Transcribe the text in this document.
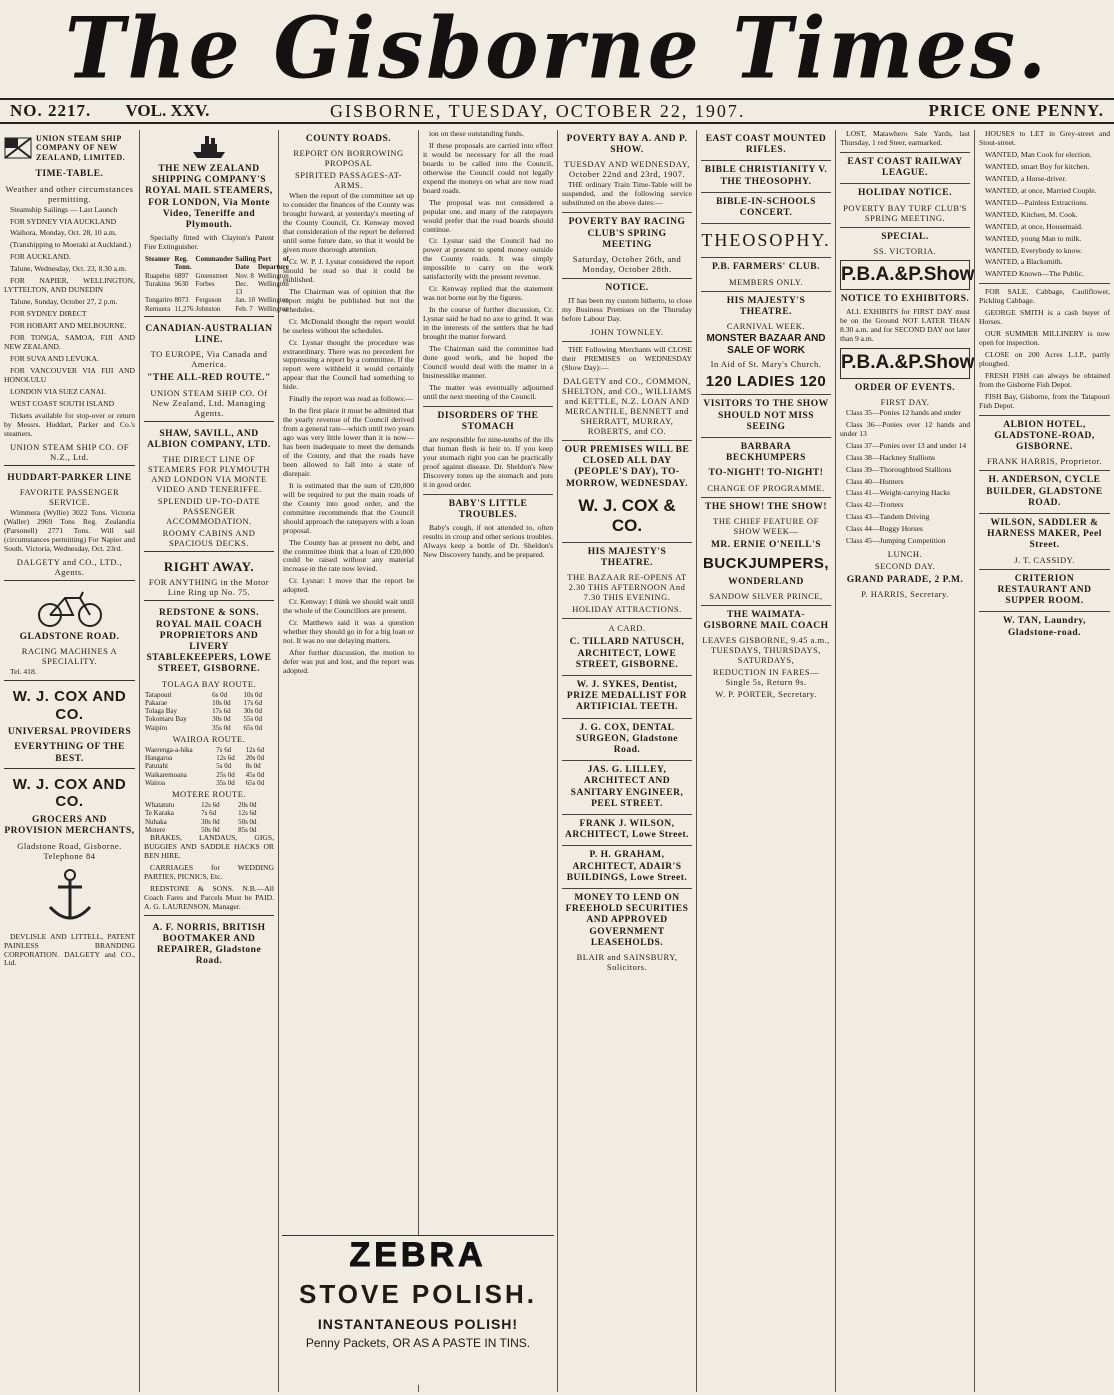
The Gisborne Times.
NO. 2217. VOL. XXV.	GISBORNE, TUESDAY, OCTOBER 22, 1907.	PRICE ONE PENNY.
UNION STEAM SHIP COMPANY OF NEW ZEALAND, LIMITED.
TIME-TABLE.
Weather and other circumstances permitting.

Steamship Sailings — Last Launch

FOR SYDNEY VIA AUCKLAND

Waihora, Monday, Oct. 28, 10 a.m.

(Transhipping to Moeraki at Auckland.)

FOR AUCKLAND.

Talune, Wednesday, Oct. 23, 8.30 a.m.

FOR NAPIER, WELLINGTON, LYTTELTON, AND DUNEDIN

Talune, Sunday, October 27, 2 p.m.

FOR SYDNEY DIRECT

FOR HOBART AND MELBOURNE.

FOR TONGA, SAMOA, FIJI AND NEW ZEALAND.

FOR SUVA AND LEVUKA.

FOR VANCOUVER VIA FIJI AND HONOLULU

LONDON VIA SUEZ CANAL

WEST COAST SOUTH ISLAND

Tickets available for stop-over or return by Messrs. Huddart, Parker and Co.'s steamers.

UNION STEAM SHIP CO. OF N.Z., Ltd.
HUDDART-PARKER LINE
FAVORITE PASSENGER SERVICE.

Wimmera (Wyllie) 3022 Tons. Victoria (Waller) 2969 Tons Reg. Zealandia (Parsonell) 2771 Tons. Will sail (circumstances permitting) For Napier and South. Victoria, Wednesday, Oct. 23rd.

DALGETY and CO., LTD., Agents.
GLADSTONE ROAD.
RACING MACHINES A SPECIALITY.

Tel. 418.

W. J. COX AND CO.
UNIVERSAL PROVIDERS
EVERYTHING OF THE BEST.
W. J. COX AND CO.
GROCERS AND PROVISION MERCHANTS,
Gladstone Road, Gisborne. Telephone 84

DEVLISLE AND LITTELL, PATENT PAINLESS BRANDING CORPORATION. DALGETY and CO., Ltd.

THE NEW ZEALAND SHIPPING COMPANY'S ROYAL MAIL STEAMERS, FOR LONDON, Via Monte Video, Teneriffe and Plymouth.

Specially fitted with Clayton's Patent Fire Extinguisher.

Steamer	Reg. Tonn.	Commander	Sailing Date	Port of Departure
Ruapehu	6897	Greenstreet	Nov. 8	Wellington
Turakina	9630	Forbes	Dec. 13	Wellington
Tongariro	8073	Ferguson	Jan. 10	Wellington
Remuera	11,276	Johnston	Feb. 7	Wellington
CANADIAN-AUSTRALIAN LINE.
TO EUROPE, Via Canada and America.
"THE ALL-RED ROUTE."
UNION STEAM SHIP CO. Of New Zealand, Ltd. Managing Agents.
SHAW, SAVILL, AND ALBION COMPANY, LTD.
THE DIRECT LINE OF STEAMERS FOR PLYMOUTH AND LONDON VIA MONTE VIDEO AND TENERIFFE.
SPLENDID UP-TO-DATE PASSENGER ACCOMMODATION.
ROOMY CABINS AND SPACIOUS DECKS.
RIGHT AWAY.
FOR ANYTHING in the Motor Line Ring up No. 75.
REDSTONE & SONS. ROYAL MAIL COACH PROPRIETORS AND LIVERY STABLEKEEPERS, LOWE STREET, GISBORNE.
TOLAGA BAY ROUTE.
Tatapouri	6s 0d	10s 0d
Pakarae	10s 0d	17s 6d
Tolaga Bay	17s 6d	30s 0d
Tokomaru Bay	30s 0d	55s 0d
Waipiro	35s 0d	65s 0d
WAIROA ROUTE.
Waerenga-a-hika	7s 6d	12s 6d
Hangaroa	12s 6d	20s 0d
Patutahi	5s 0d	8s 0d
Waikaremoana	25s 0d	45s 0d
Wairoa	35s 0d	65s 0d
MOTERE ROUTE.
Whatatutu	12s 6d	20s 0d
Te Karaka	7s 6d	12s 6d
Nuhaka	30s 0d	50s 0d
Motere	50s 0d	85s 0d

BRAKES, LANDAUS, GIGS, BUGGIES AND SADDLE HACKS OR BEN HIRE.

CARRIAGES for WEDDING PARTIES, PICNICS, Etc.

REDSTONE & SONS. N.B.—All Coach Fares and Parcels Must be PAID. A. G. LAURENSON, Manager.

A. F. NORRIS, BRITISH BOOTMAKER AND REPAIRER, Gladstone Road.
COUNTY ROADS.
REPORT ON BORROWING PROPOSAL
SPIRITED PASSAGES-AT-ARMS.

When the report of the committee set up to consider the finances of the County was brought forward, at yesterday's meeting of the County Council, Cr. Kenway moved that consideration of the report be deferred until some future date, so that it would be given more thorough attention.

Cr. W. P. J. Lysnar considered the report should be read so that it could be published.

The Chairman was of opinion that the report might be published but not the schedules.

Cr. McDonald thought the report would be useless without the schedules.

Cr. Lysnar thought the procedure was extraordinary. There was no precedent for suppressing a report by a committee. If the report were withheld it would certainly appear that the Council had something to hide.

Finally the report was read as follows:—

In the first place it must be admitted that the yearly revenue of the Council derived from a general rate—which until two years ago was very little lower than it is now—has been inadequate to meet the demands of the County, and that the roads have been allowed to fall into a state of disrepair.

It is estimated that the sum of £20,000 will be required to put the main roads of the County into good order, and the committee recommends that the Council should approach the ratepayers with a loan proposal.

The County has at present no debt, and the committee think that a loan of £20,000 could be raised without any material increase in the rate now levied.

Cr. Lysnar: I move that the report be adopted.

Cr. Kenway: I think we should wait until the whole of the Councillors are present.

Cr. Matthews said it was a question whether they should go in for a big loan or not. It was no use delaying matters.

After further discussion, the motion to defer was put and lost, and the report was adopted.

ion on these outstanding funds.

If these proposals are carried into effect it would be necessary for all the road boards to be called into the Council, otherwise the Council could not legally expend the moneys on what are now road board roads.

The proposal was not considered a popular one, and many of the ratepayers would prefer that the road boards should continue.

Cr. Lysnar said the Council had no power at present to spend money outside the County roads. It was simply impossible to carry on the work satisfactorily with the present revenue.

Cr. Kenway replied that the statement was not borne out by the figures.

In the course of further discussion, Cr. Lysnar said he had no axe to grind. It was in the interests of the settlers that he had brought the matter forward.

The Chairman said the committee had done good work, and he hoped the Council would deal with the matter in a businesslike manner.

The matter was eventually adjourned until the next meeting of the Council.

DISORDERS OF THE STOMACH

are responsible for nine-tenths of the ills that human flesh is heir to. If you keep your stomach right you can be practically proof against disease. Dr. Sheldon's New Discovery tones up the stomach and puts it in good order.

BABY'S LITTLE TROUBLES.

Baby's cough, if not attended to, often results in croup and other serious troubles. Always keep a bottle of Dr. Sheldon's New Discovery handy, and be prepared.

ZEBRA
STOVE POLISH.
INSTANTANEOUS POLISH!
Penny Packets, OR AS A PASTE IN TINS.
POVERTY BAY A. AND P. SHOW.
TUESDAY AND WEDNESDAY, October 22nd and 23rd, 1907.

THE ordinary Train Time-Table will be suspended, and the following service substituted on the above dates:—

POVERTY BAY RACING CLUB'S SPRING MEETING
Saturday, October 26th, and Monday, October 28th.
NOTICE.

IT has been my custom hitherto, to close my Business Premises on the Thursday before Labour Day.

JOHN TOWNLEY.

THE Following Merchants will CLOSE their PREMISES on WEDNESDAY (Show Day):—

DALGETY and CO., COMMON, SHELTON, and CO., WILLIAMS and KETTLE, N.Z. LOAN AND MERCANTILE, BENNETT and SHERRATT, MURRAY, ROBERTS, and CO.
OUR PREMISES WILL BE CLOSED ALL DAY (PEOPLE'S DAY), TO-MORROW, WEDNESDAY.
W. J. COX & CO.
HIS MAJESTY'S THEATRE.
THE BAZAAR RE-OPENS AT 2.30 THIS AFTERNOON And 7.30 THIS EVENING.
HOLIDAY ATTRACTIONS.
A CARD.
C. TILLARD NATUSCH, ARCHITECT, LOWE STREET, GISBORNE.
W. J. SYKES, Dentist, PRIZE MEDALLIST FOR ARTIFICIAL TEETH.
J. G. COX, DENTAL SURGEON, Gladstone Road.
JAS. G. LILLEY, ARCHITECT AND SANITARY ENGINEER, PEEL STREET.
FRANK J. WILSON, ARCHITECT, Lowe Street.
P. H. GRAHAM, ARCHITECT, ADAIR'S BUILDINGS, Lowe Street.
MONEY TO LEND ON FREEHOLD SECURITIES AND APPROVED GOVERNMENT LEASEHOLDS.
BLAIR and SAINSBURY, Solicitors.
EAST COAST MOUNTED RIFLES.
BIBLE CHRISTIANITY V. THE THEOSOPHY.
BIBLE-IN-SCHOOLS CONCERT.
THEOSOPHY.
P.B. FARMERS' CLUB.
MEMBERS ONLY.
HIS MAJESTY'S THEATRE.
CARNIVAL WEEK.
MONSTER BAZAAR AND SALE OF WORK
In Aid of St. Mary's Church.
120 LADIES 120
VISITORS TO THE SHOW SHOULD NOT MISS SEEING
BARBARA BECKHUMPERS
TO-NIGHT! TO-NIGHT!
CHANGE OF PROGRAMME.
THE SHOW! THE SHOW!
THE CHIEF FEATURE OF SHOW WEEK—
MR. ERNIE O'NEILL'S
BUCKJUMPERS,
WONDERLAND
SANDOW SILVER PRINCE,
THE WAIMATA-GISBORNE MAIL COACH
LEAVES GISBORNE, 9.45 a.m., TUESDAYS, THURSDAYS, SATURDAYS,
REDUCTION IN FARES— Single 5s, Return 9s.
W. P. PORTER, Secretary.

LOST, Matawhero Sale Yards, last Thursday, 1 red Steer, earmarked.

EAST COAST RAILWAY LEAGUE.
HOLIDAY NOTICE.
POVERTY BAY TURF CLUB'S SPRING MEETING.
SPECIAL.
SS. VICTORIA.
P.B.A.&P.Show
NOTICE TO EXHIBITORS.

ALL EXHIBITS for FIRST DAY must be on the Ground NOT LATER THAN 8.30 a.m. and for SECOND DAY not later than 9 a.m.

P.B.A.&P.Show
ORDER OF EVENTS.
FIRST DAY.

Class 35—Ponies 12 hands and under

Class 36—Ponies over 12 hands and under 13

Class 37—Ponies over 13 and under 14

Class 38—Hackney Stallions

Class 39—Thoroughbred Stallions

Class 40—Hunters

Class 41—Weight-carrying Hacks

Class 42—Trotters

Class 43—Tandem Driving

Class 44—Buggy Horses

Class 45—Jumping Competition

LUNCH.
SECOND DAY.
GRAND PARADE, 2 P.M.
P. HARRIS, Secretary.

HOUSES to LET in Grey-street and Stout-street.

WANTED, Man Cook for election.

WANTED, smart Boy for kitchen.

WANTED, a Horse-driver.

WANTED, at once, Married Couple.

WANTED—Painless Extractions.

WANTED, Kitchen, M. Cook.

WANTED, at once, Housemaid.

WANTED, young Man to milk.

WANTED, Everybody to know.

WANTED, a Blacksmith.

WANTED Known—The Public.

FOR SALE, Cabbage, Cauliflower, Pickling Cabbage.

GEORGE SMITH is a cash buyer of Horses.

OUR SUMMER MILLINERY is now open for inspection.

CLOSE on 200 Acres L.I.P., partly ploughed.

FRESH FISH can always be obtained from the Gisborne Fish Depot.

FISH Bay, Gisborne, from the Tatapouri Fish Depot.

ALBION HOTEL, GLADSTONE-ROAD, GISBORNE.
FRANK HARRIS, Proprietor.
H. ANDERSON, CYCLE BUILDER, GLADSTONE ROAD.
WILSON, SADDLER & HARNESS MAKER, Peel Street.
J. T. CASSIDY.
CRITERION RESTAURANT AND SUPPER ROOM.
W. TAN, Laundry, Gladstone-road.
